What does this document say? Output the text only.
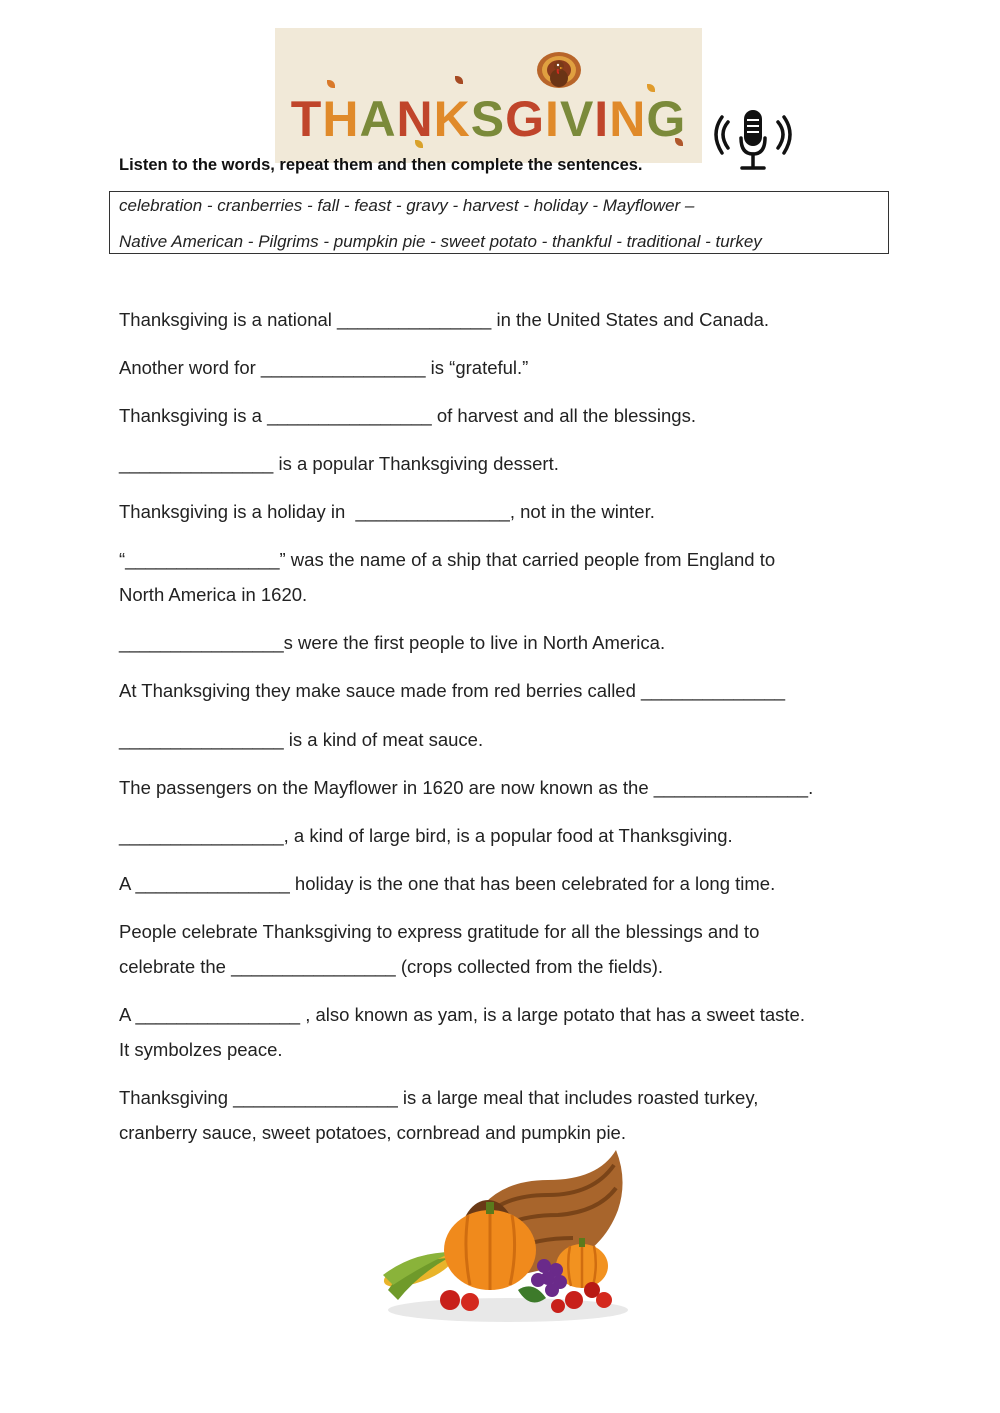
THANKSGIVING
Listen to the words, repeat them and then complete the sentences.
celebration - cranberries - fall - feast - gravy - harvest - holiday - Mayflower –
Native American - Pilgrims - pumpkin pie - sweet potato - thankful - traditional - turkey
Thanksgiving is a national _______________ in the United States and Canada.
Another word for ________________ is “grateful.”
Thanksgiving is a ________________ of harvest and all the blessings.
_______________ is a popular Thanksgiving dessert.
Thanksgiving is a holiday in  _______________, not in the winter.
“_______________” was the name of a ship that carried people from England to
North America in 1620.
________________s were the first people to live in North America.
At Thanksgiving they make sauce made from red berries called ______________
________________ is a kind of meat sauce.
The passengers on the Mayflower in 1620 are now known as the _______________.
________________, a kind of large bird, is a popular food at Thanksgiving.
A _______________ holiday is the one that has been celebrated for a long time.
People celebrate Thanksgiving to express gratitude for all the blessings and to
celebrate the ________________ (crops collected from the fields).
A ________________ , also known as yam, is a large potato that has a sweet taste.
It symbolzes peace.
Thanksgiving ________________ is a large meal that includes roasted turkey,
cranberry sauce, sweet potatoes, cornbread and pumpkin pie.
